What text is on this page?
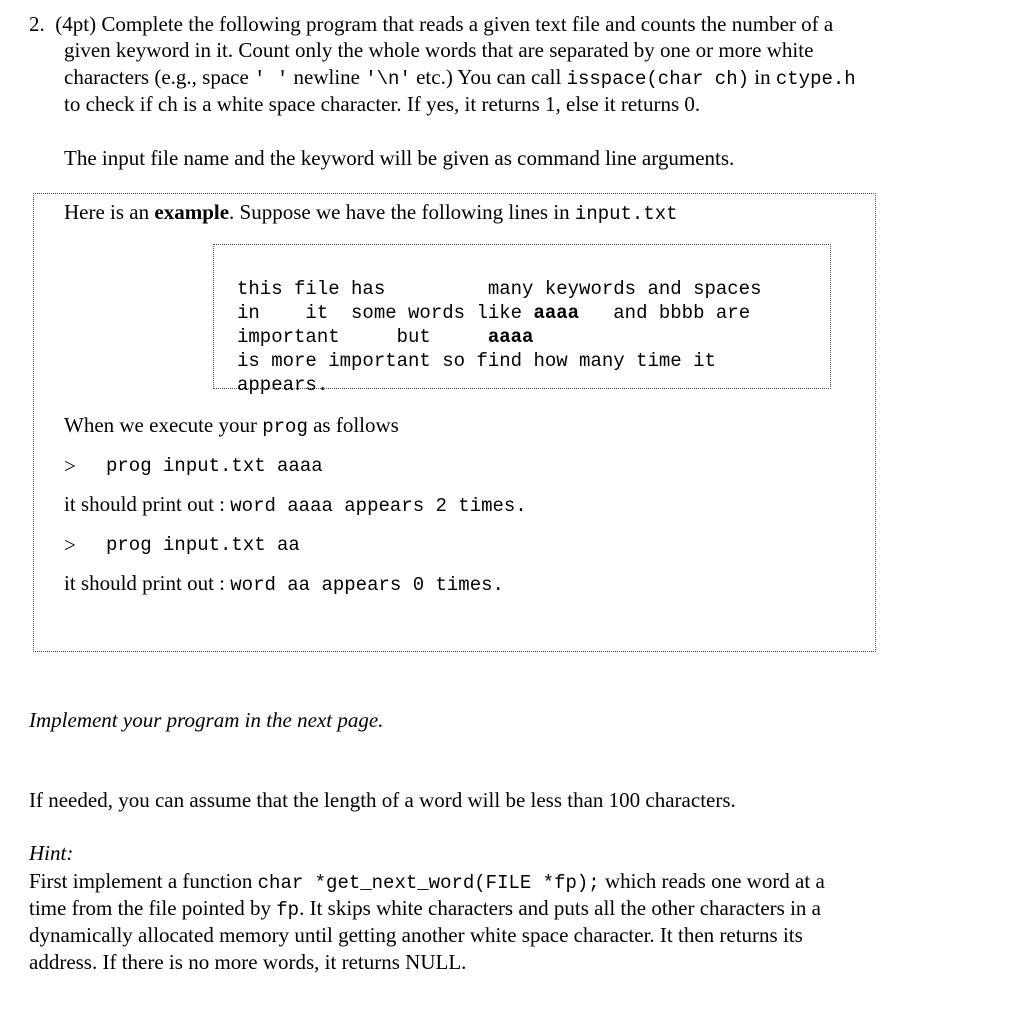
2. (4pt) Complete the following program that reads a given text file and counts the number of a
given keyword in it. Count only the whole words that are separated by one or more white
characters (e.g., space ' ' newline '\n' etc.) You can call isspace(char ch) in ctype.h
to check if ch is a white space character. If yes, it returns 1, else it returns 0.
The input file name and the keyword will be given as command line arguments.
Here is an example. Suppose we have the following lines in input.txt

this file has         many keywords and spaces
in    it  some words like aaaa   and bbbb are
important     but     aaaa
is more important so find how many time it
appears.

When we execute your prog as follows
> prog input.txt aaaa
it should print out : word aaaa appears 2 times.
> prog input.txt aa
it should print out : word aa appears 0 times.
Implement your program in the next page.
If needed, you can assume that the length of a word will be less than 100 characters.
Hint:
First implement a function char *get_next_word(FILE *fp); which reads one word at a
time from the file pointed by fp. It skips white characters and puts all the other characters in a
dynamically allocated memory until getting another white space character. It then returns its
address. If there is no more words, it returns NULL.
